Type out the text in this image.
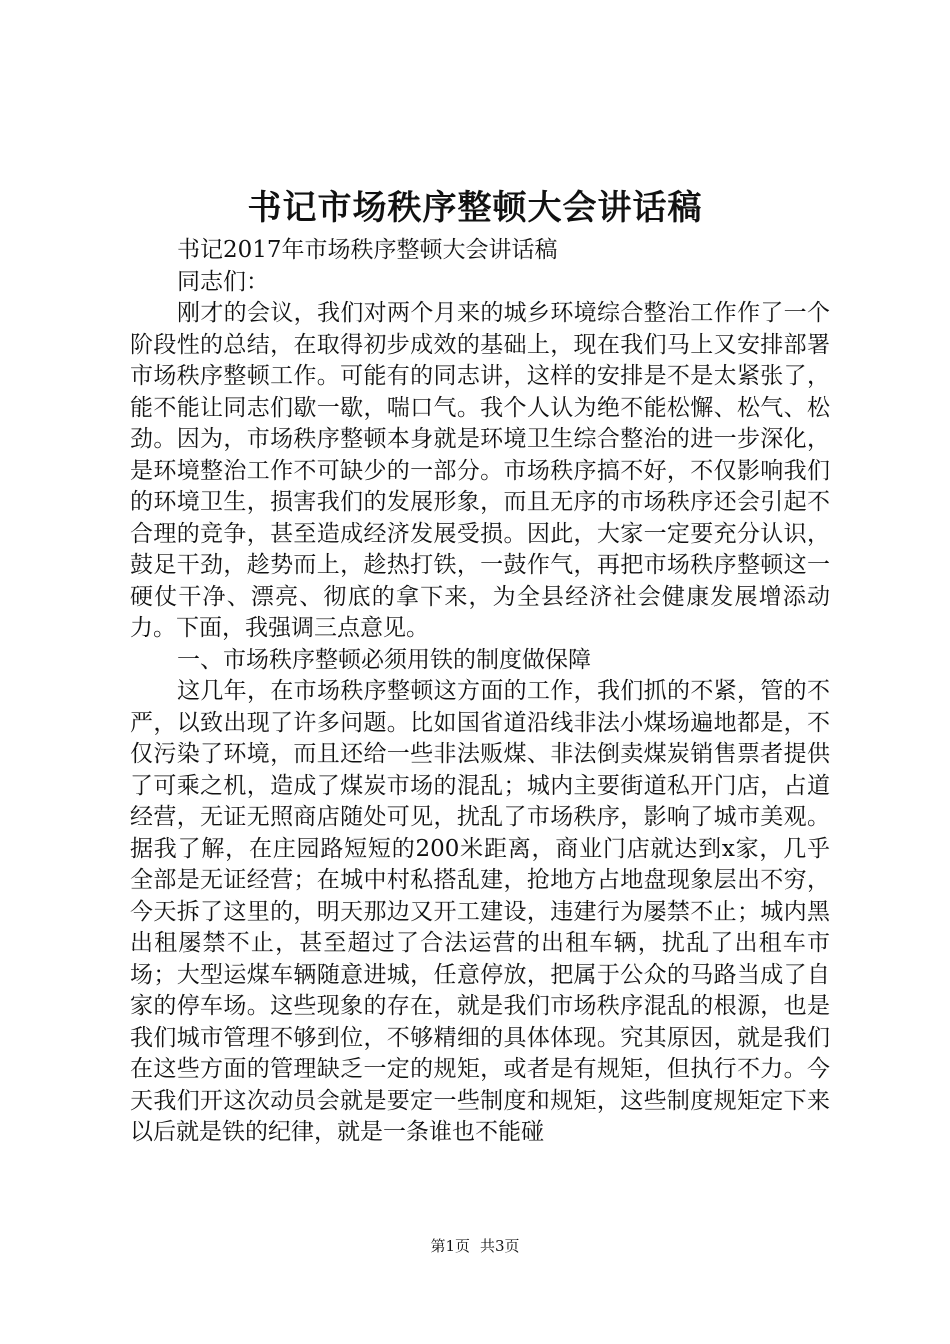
书记市场秩序整顿大会讲话稿

书记2017年市场秩序整顿大会讲话稿

同志们：

刚才的会议，我们对两个月来的城乡环境综合整治工作作了一个阶段性的总结，在取得初步成效的基础上，现在我们马上又安排部署市场秩序整顿工作。可能有的同志讲，这样的安排是不是太紧张了，能不能让同志们歇一歇，喘口气。我个人认为绝不能松懈、松气、松劲。因为，市场秩序整顿本身就是环境卫生综合整治的进一步深化，是环境整治工作不可缺少的一部分。市场秩序搞不好，不仅影响我们的环境卫生，损害我们的发展形象，而且无序的市场秩序还会引起不合理的竞争，甚至造成经济发展受损。因此，大家一定要充分认识，鼓足干劲，趁势而上，趁热打铁，一鼓作气，再把市场秩序整顿这一硬仗干净、漂亮、彻底的拿下来，为全县经济社会健康发展增添动力。下面，我强调三点意见。

一、市场秩序整顿必须用铁的制度做保障

这几年，在市场秩序整顿这方面的工作，我们抓的不紧，管的不严，以致出现了许多问题。比如国省道沿线非法小煤场遍地都是，不仅污染了环境，而且还给一些非法贩煤、非法倒卖煤炭销售票者提供了可乘之机，造成了煤炭市场的混乱；城内主要街道私开门店，占道经营，无证无照商店随处可见，扰乱了市场秩序，影响了城市美观。据我了解，在庄园路短短的200米距离，商业门店就达到x家，几乎全部是无证经营；在城中村私搭乱建，抢地方占地盘现象层出不穷，今天拆了这里的，明天那边又开工建设，违建行为屡禁不止；城内黑出租屡禁不止，甚至超过了合法运营的出租车辆，扰乱了出租车市场；大型运煤车辆随意进城，任意停放，把属于公众的马路当成了自家的停车场。这些现象的存在，就是我们市场秩序混乱的根源，也是我们城市管理不够到位，不够精细的具体体现。究其原因，就是我们在这些方面的管理缺乏一定的规矩，或者是有规矩，但执行不力。今天我们开这次动员会就是要定一些制度和规矩，这些制度规矩定下来以后就是铁的纪律，就是一条谁也不能碰

第1页 共3页
